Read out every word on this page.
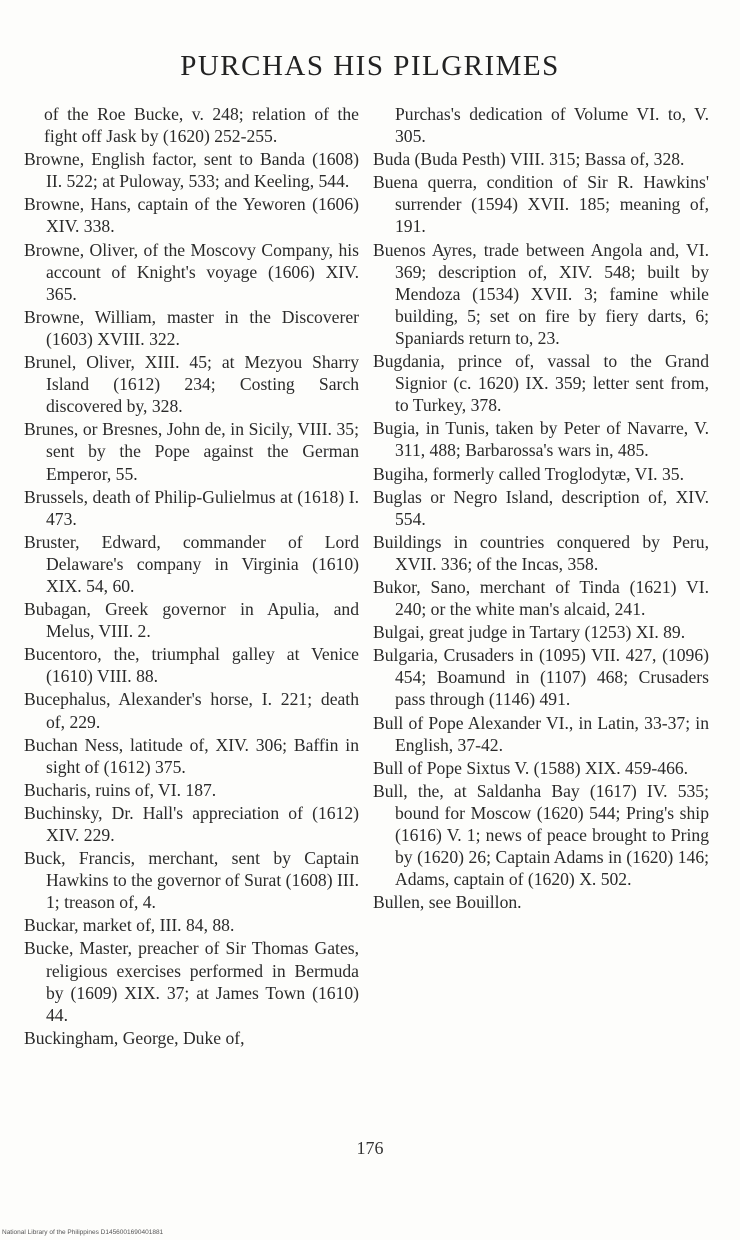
PURCHAS HIS PILGRIMES

of the Roe Bucke, v. 248; relation of the fight off Jask by (1620) 252-255.

Browne, English factor, sent to Banda (1608) II. 522; at Puloway, 533; and Keeling, 544.

Browne, Hans, captain of the Yeworen (1606) XIV. 338.

Browne, Oliver, of the Moscovy Company, his account of Knight's voyage (1606) XIV. 365.

Browne, William, master in the Discoverer (1603) XVIII. 322.

Brunel, Oliver, XIII. 45; at Mezyou Sharry Island (1612) 234; Costing Sarch discovered by, 328.

Brunes, or Bresnes, John de, in Sicily, VIII. 35; sent by the Pope against the German Emperor, 55.

Brussels, death of Philip-Gulielmus at (1618) I. 473.

Bruster, Edward, commander of Lord Delaware's company in Virginia (1610) XIX. 54, 60.

Bubagan, Greek governor in Apulia, and Melus, VIII. 2.

Bucentoro, the, triumphal galley at Venice (1610) VIII. 88.

Bucephalus, Alexander's horse, I. 221; death of, 229.

Buchan Ness, latitude of, XIV. 306; Baffin in sight of (1612) 375.

Bucharis, ruins of, VI. 187.

Buchinsky, Dr. Hall's appreciation of (1612) XIV. 229.

Buck, Francis, merchant, sent by Captain Hawkins to the governor of Surat (1608) III. 1; treason of, 4.

Buckar, market of, III. 84, 88.

Bucke, Master, preacher of Sir Thomas Gates, religious exercises performed in Bermuda by (1609) XIX. 37; at James Town (1610) 44.

Buckingham, George, Duke of,

Purchas's dedication of Volume VI. to, V. 305.

Buda (Buda Pesth) VIII. 315; Bassa of, 328.

Buena querra, condition of Sir R. Hawkins' surrender (1594) XVII. 185; meaning of, 191.

Buenos Ayres, trade between Angola and, VI. 369; description of, XIV. 548; built by Mendoza (1534) XVII. 3; famine while building, 5; set on fire by fiery darts, 6; Spaniards return to, 23.

Bugdania, prince of, vassal to the Grand Signior (c. 1620) IX. 359; letter sent from, to Turkey, 378.

Bugia, in Tunis, taken by Peter of Navarre, V. 311, 488; Barbarossa's wars in, 485.

Bugiha, formerly called Troglodytæ, VI. 35.

Buglas or Negro Island, description of, XIV. 554.

Buildings in countries conquered by Peru, XVII. 336; of the Incas, 358.

Bukor, Sano, merchant of Tinda (1621) VI. 240; or the white man's alcaid, 241.

Bulgai, great judge in Tartary (1253) XI. 89.

Bulgaria, Crusaders in (1095) VII. 427, (1096) 454; Boamund in (1107) 468; Crusaders pass through (1146) 491.

Bull of Pope Alexander VI., in Latin, 33-37; in English, 37-42.

Bull of Pope Sixtus V. (1588) XIX. 459-466.

Bull, the, at Saldanha Bay (1617) IV. 535; bound for Moscow (1620) 544; Pring's ship (1616) V. 1; news of peace brought to Pring by (1620) 26; Captain Adams in (1620) 146; Adams, captain of (1620) X. 502.

Bullen, see Bouillon.

176
National Library of the Philippines D1456001690401881
